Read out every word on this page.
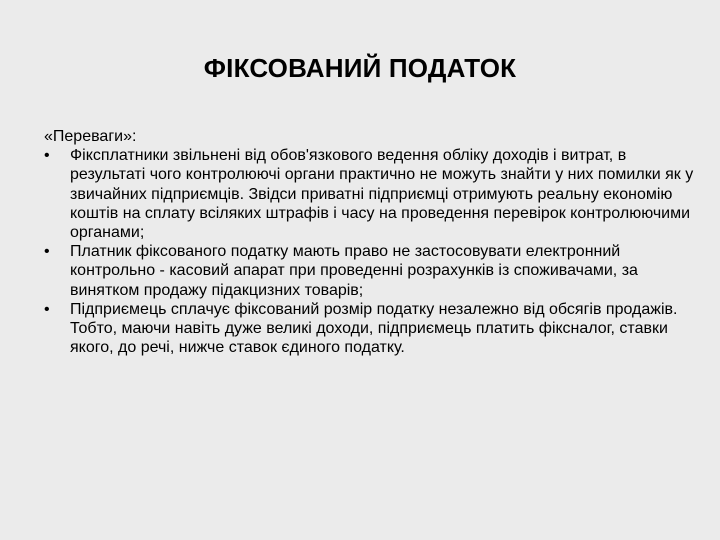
ФІКСОВАНИЙ ПОДАТОК

«Переваги»:

•	Фіксплатники звільнені від обов'язкового ведення обліку доходів і витрат, в результаті чого контролюючі органи практично не можуть знайти у них помилки як у звичайних підприємців. Звідси приватні підприємці отримують реальну економію коштів на сплату всіляких штрафів і часу на проведення перевірок контролюючими органами;
•	Платник фіксованого податку мають право не застосовувати електронний контрольно - касовий апарат при проведенні розрахунків із споживачами, за винятком продажу підакцизних товарів;
•	Підприємець сплачує фіксований розмір податку незалежно від обсягів продажів. Тобто, маючи навіть дуже великі доходи, підприємець платить фікcналог, ставки якого, до речі, нижче ставок єдиного податку.
